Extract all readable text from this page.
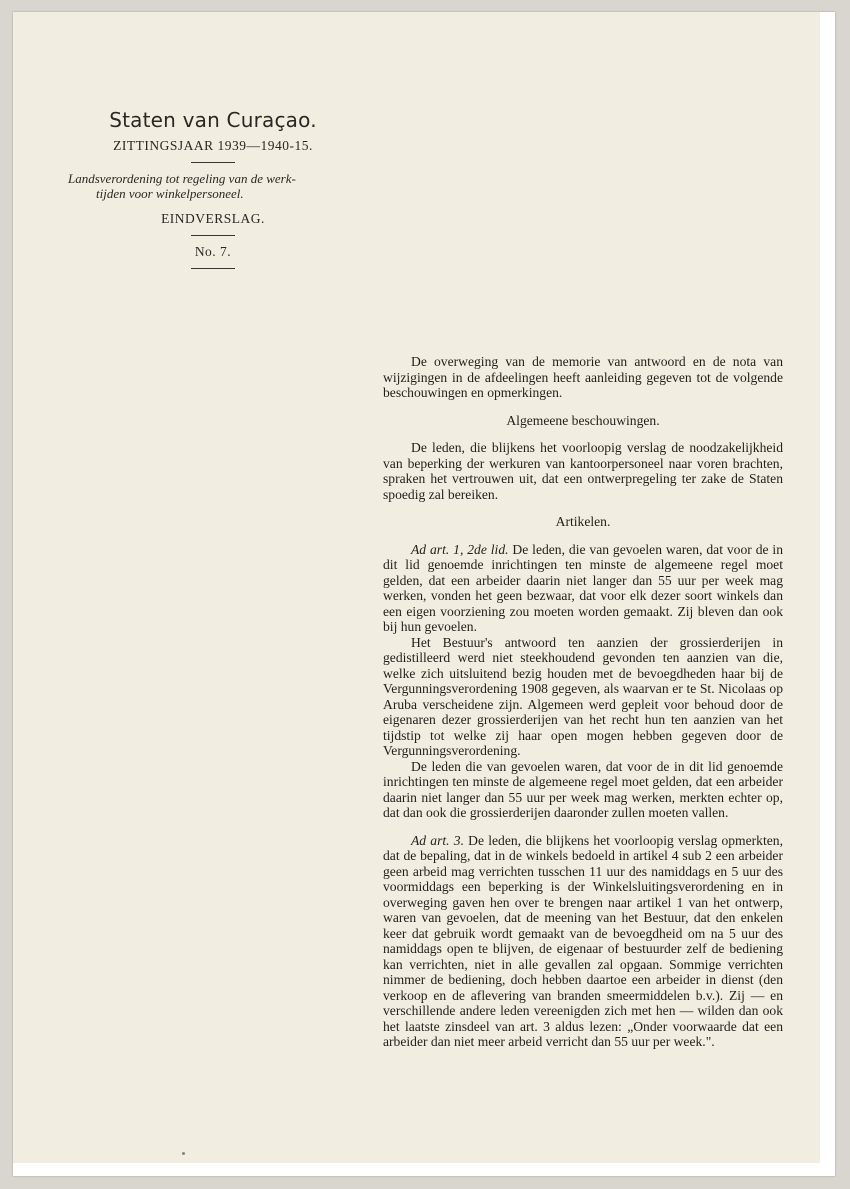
Staten van Curaçao.
ZITTINGSJAAR 1939—1940-15.
Landsverordening tot regeling van de werk-
tijden voor winkelpersoneel.
EINDVERSLAG.
No. 7.

De overweging van de memorie van antwoord en de nota van wijzigingen in de afdeelingen heeft aanleiding gegeven tot de volgende beschouwingen en opmerkingen.

Algemeene beschouwingen.

De leden, die blijkens het voorloopig verslag de noodzakelijkheid van beperking der werkuren van kantoorpersoneel naar voren brachten, spraken het vertrouwen uit, dat een ontwerpregeling ter zake de Staten spoedig zal bereiken.

Artikelen.

Ad art. 1, 2de lid. De leden, die van gevoelen waren, dat voor de in dit lid genoemde inrichtingen ten minste de algemeene regel moet gelden, dat een arbeider daarin niet langer dan 55 uur per week mag werken, vonden het geen bezwaar, dat voor elk dezer soort winkels dan een eigen voorziening zou moeten worden gemaakt. Zij bleven dan ook bij hun gevoelen.

Het Bestuur's antwoord ten aanzien der grossierderijen in gedistilleerd werd niet steekhoudend gevonden ten aanzien van die, welke zich uitsluitend bezig houden met de bevoegdheden haar bij de Vergunningsverordening 1908 gegeven, als waarvan er te St. Nicolaas op Aruba verscheidene zijn. Algemeen werd gepleit voor behoud door de eigenaren dezer grossierderijen van het recht hun ten aanzien van het tijdstip tot welke zij haar open mogen hebben gegeven door de Vergunningsverordening.

De leden die van gevoelen waren, dat voor de in dit lid genoemde inrichtingen ten minste de algemeene regel moet gelden, dat een arbeider daarin niet langer dan 55 uur per week mag werken, merkten echter op, dat dan ook die grossierderijen daaronder zullen moeten vallen.

Ad art. 3. De leden, die blijkens het voorloopig verslag opmerkten, dat de bepaling, dat in de winkels bedoeld in artikel 4 sub 2 een arbeider geen arbeid mag verrichten tusschen 11 uur des namiddags en 5 uur des voormiddags een beperking is der Winkelsluitingsverordening en in overweging gaven hen over te brengen naar artikel 1 van het ontwerp, waren van gevoelen, dat de meening van het Bestuur, dat den enkelen keer dat gebruik wordt gemaakt van de bevoegdheid om na 5 uur des namiddags open te blijven, de eigenaar of bestuurder zelf de bediening kan verrichten, niet in alle gevallen zal opgaan. Sommige verrichten nimmer de bediening, doch hebben daartoe een arbeider in dienst (den verkoop en de aflevering van branden smeermiddelen b.v.). Zij — en verschillende andere leden vereenigden zich met hen — wilden dan ook het laatste zinsdeel van art. 3 aldus lezen: „Onder voorwaarde dat een arbeider dan niet meer arbeid verricht dan 55 uur per week.".
